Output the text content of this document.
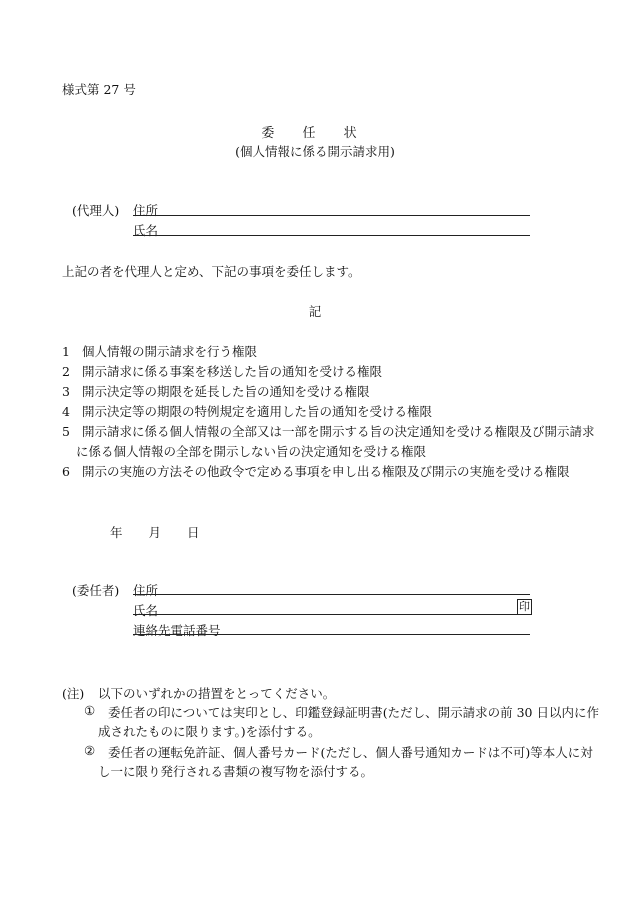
様式第 27 号
委 任 状
(個人情報に係る開示請求用)
(代理人) 住所
氏名
上記の者を代理人と定め、下記の事項を委任します。
記
1 個人情報の開示請求を行う権限
2 開示請求に係る事案を移送した旨の通知を受ける権限
3 開示決定等の期限を延長した旨の通知を受ける権限
4 開示決定等の期限の特例規定を適用した旨の通知を受ける権限
5 開示請求に係る個人情報の全部又は一部を開示する旨の決定通知を受ける権限及び開示請求
に係る個人情報の全部を開示しない旨の決定通知を受ける権限
6 開示の実施の方法その他政令で定める事項を申し出る権限及び開示の実施を受ける権限
年 月 日
(委任者) 住所
氏名	印
連絡先電話番号
(注) 以下のいずれかの措置をとってください。
① 委任者の印については実印とし、印鑑登録証明書(ただし、開示請求の前 30 日以内に作
成されたものに限ります。)を添付する。
② 委任者の運転免許証、個人番号カード(ただし、個人番号通知カードは不可)等本人に対
し一に限り発行される書類の複写物を添付する。
